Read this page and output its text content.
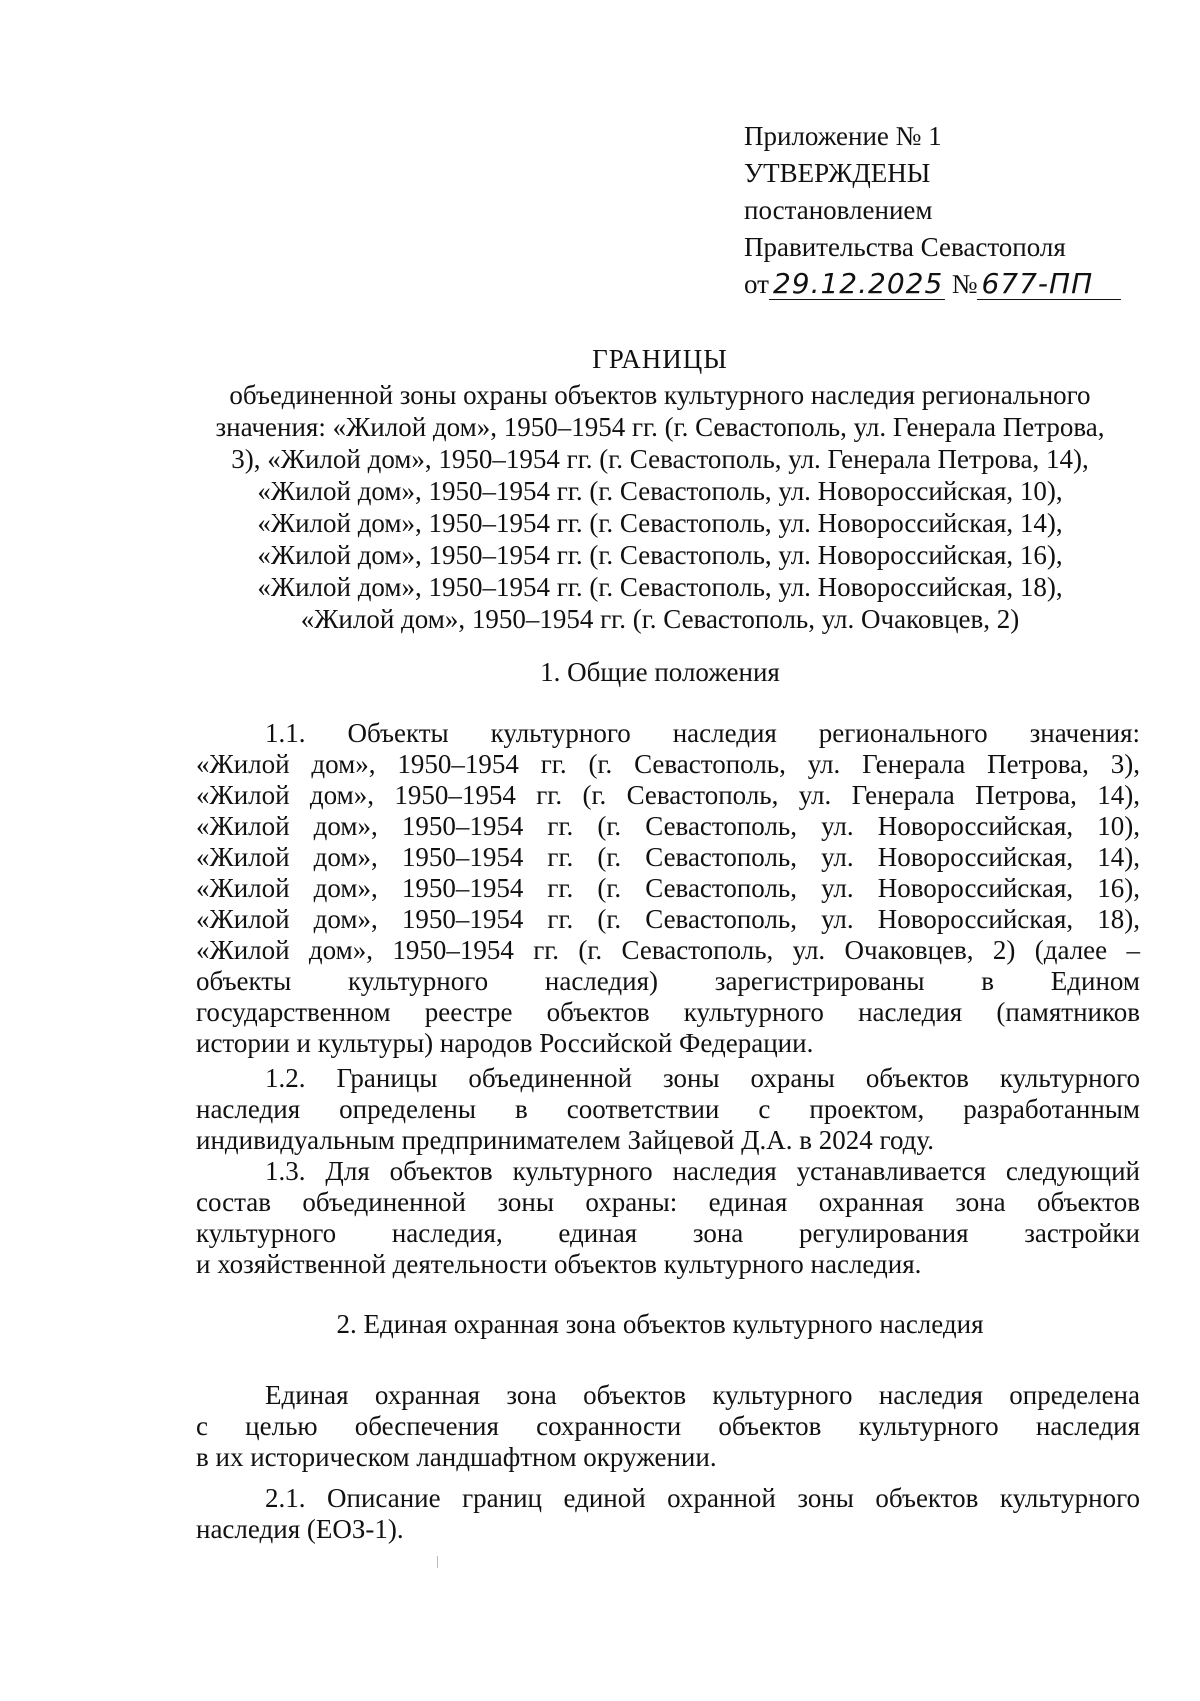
Приложение № 1
УТВЕРЖДЕНЫ
постановлением
Правительства Севастополя
от 29.12.2025 № 677-ПП
ГРАНИЦЫ
объединенной зоны охраны объектов культурного наследия регионального
значения: «Жилой дом», 1950–1954 гг. (г. Севастополь, ул. Генерала Петрова,
3), «Жилой дом», 1950–1954 гг. (г. Севастополь, ул. Генерала Петрова, 14),
«Жилой дом», 1950–1954 гг. (г. Севастополь, ул. Новороссийская, 10),
«Жилой дом», 1950–1954 гг. (г. Севастополь, ул. Новороссийская, 14),
«Жилой дом», 1950–1954 гг. (г. Севастополь, ул. Новороссийская, 16),
«Жилой дом», 1950–1954 гг. (г. Севастополь, ул. Новороссийская, 18),
«Жилой дом», 1950–1954 гг. (г. Севастополь, ул. Очаковцев, 2)
1. Общие положения
1.1. Объекты культурного наследия регионального значения:
«Жилой дом», 1950–1954 гг. (г. Севастополь, ул. Генерала Петрова, 3),
«Жилой дом», 1950–1954 гг. (г. Севастополь, ул. Генерала Петрова, 14),
«Жилой дом», 1950–1954 гг. (г. Севастополь, ул. Новороссийская, 10),
«Жилой дом», 1950–1954 гг. (г. Севастополь, ул. Новороссийская, 14),
«Жилой дом», 1950–1954 гг. (г. Севастополь, ул. Новороссийская, 16),
«Жилой дом», 1950–1954 гг. (г. Севастополь, ул. Новороссийская, 18),
«Жилой дом», 1950–1954 гг. (г. Севастополь, ул. Очаковцев, 2) (далее –
объекты культурного наследия) зарегистрированы в Едином
государственном реестре объектов культурного наследия (памятников
истории и культуры) народов Российской Федерации.
1.2. Границы объединенной зоны охраны объектов культурного
наследия определены в соответствии с проектом, разработанным
индивидуальным предпринимателем Зайцевой Д.А. в 2024 году.
1.3. Для объектов культурного наследия устанавливается следующий
состав объединенной зоны охраны: единая охранная зона объектов
культурного наследия, единая зона регулирования застройки
и хозяйственной деятельности объектов культурного наследия.
2. Единая охранная зона объектов культурного наследия
Единая охранная зона объектов культурного наследия определена
с целью обеспечения сохранности объектов культурного наследия
в их историческом ландшафтном окружении.
2.1. Описание границ единой охранной зоны объектов культурного
наследия (ЕОЗ-1).
